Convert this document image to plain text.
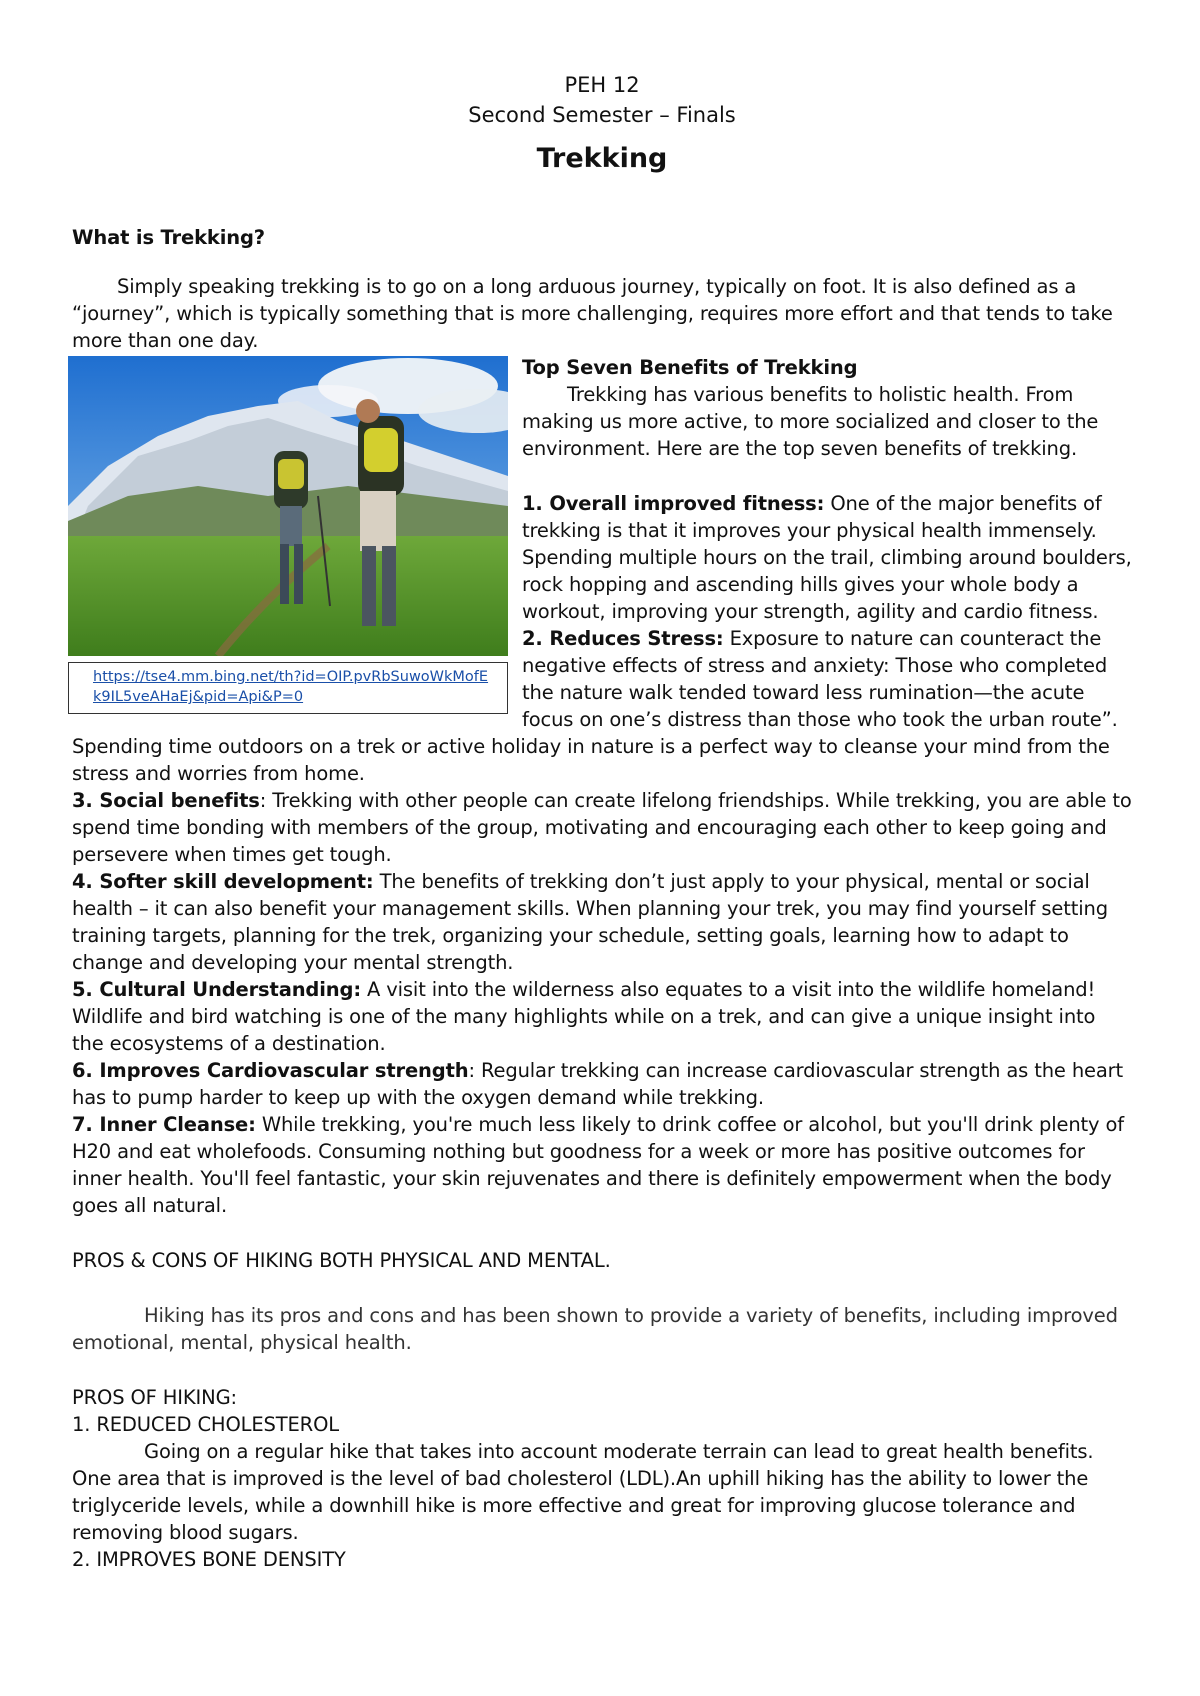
PEH 12
Second Semester – Finals
Trekking

What is Trekking?

Simply speaking trekking is to go on a long arduous journey, typically on foot. It is also defined as a “journey”, which is typically something that is more challenging, requires more effort and that tends to take more than one day.

https://tse4.mm.bing.net/th?id=OIP.pvRbSuwoWkMofEk9IL5veAHaEj&pid=Api&P=0

Top Seven Benefits of Trekking

Trekking has various benefits to holistic health. From making us more active, to more socialized and closer to the environment. Here are the top seven benefits of trekking.

1. Overall improved fitness: One of the major benefits of trekking is that it improves your physical health immensely. Spending multiple hours on the trail, climbing around boulders, rock hopping and ascending hills gives your whole body a workout, improving your strength, agility and cardio fitness.

2. Reduces Stress: Exposure to nature can counteract the negative effects of stress and anxiety: Those who completed the nature walk tended toward less rumination—the acute focus on one’s distress than those who took the urban route”. Spending time outdoors on a trek or active holiday in nature is a perfect way to cleanse your mind from the stress and worries from home.

3. Social benefits: Trekking with other people can create lifelong friendships. While trekking, you are able to spend time bonding with members of the group, motivating and encouraging each other to keep going and persevere when times get tough.

4. Softer skill development: The benefits of trekking don’t just apply to your physical, mental or social health – it can also benefit your management skills. When planning your trek, you may find yourself setting training targets, planning for the trek, organizing your schedule, setting goals, learning how to adapt to change and developing your mental strength.

5. Cultural Understanding: A visit into the wilderness also equates to a visit into the wildlife homeland! Wildlife and bird watching is one of the many highlights while on a trek, and can give a unique insight into the ecosystems of a destination.

6. Improves Cardiovascular strength: Regular trekking can increase cardiovascular strength as the heart has to pump harder to keep up with the oxygen demand while trekking.

7. Inner Cleanse: While trekking, you're much less likely to drink coffee or alcohol, but you'll drink plenty of H20 and eat wholefoods. Consuming nothing but goodness for a week or more has positive outcomes for inner health. You'll feel fantastic, your skin rejuvenates and there is definitely empowerment when the body goes all natural.

PROS & CONS OF HIKING BOTH PHYSICAL AND MENTAL.

Hiking has its pros and cons and has been shown to provide a variety of benefits, including improved emotional, mental, physical health.

PROS OF HIKING:

1. REDUCED CHOLESTEROL

Going on a regular hike that takes into account moderate terrain can lead to great health benefits. One area that is improved is the level of bad cholesterol (LDL).An uphill hiking has the ability to lower the triglyceride levels, while a downhill hike is more effective and great for improving glucose tolerance and removing blood sugars.

2. IMPROVES BONE DENSITY
